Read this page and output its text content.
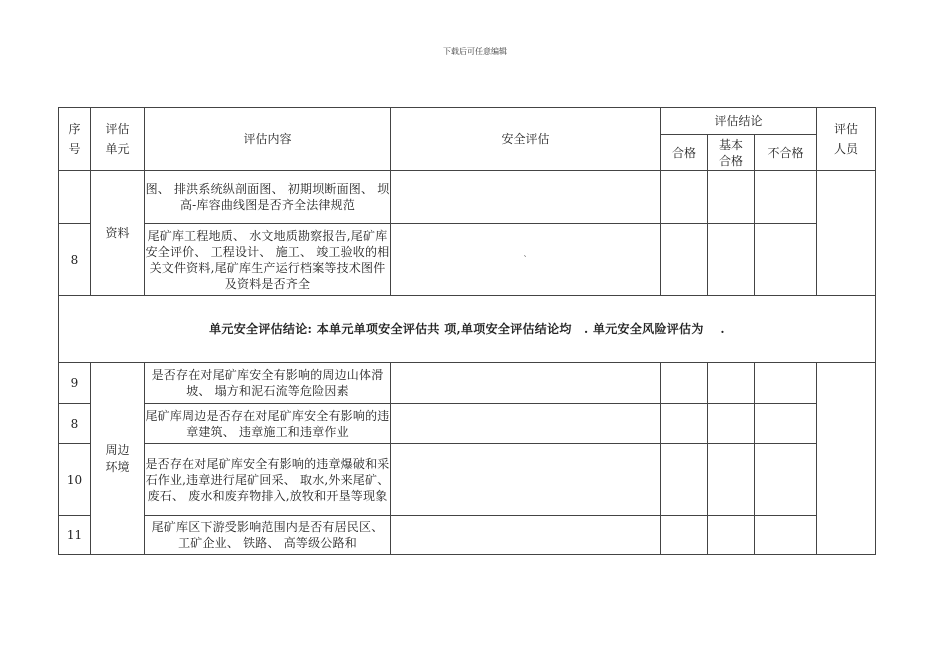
下载后可任意编辑
序号	评估单元	评估内容	安全评估	评估结论			评估人员

				合格	基本合格	不合格	
	资料	图、 排洪系统纵剖面图、 初期坝断面图、 坝高-库容曲线图是否齐全法律规范					
8		尾矿库工程地质、 水文地质勘察报告,尾矿库安全评价、 工程设计、 施工、 竣工验收的相关文件资料,尾矿库生产运行档案等技术图件及资料是否齐全	`				
单元安全评估结论: 本单元单项安全评估共 项,单项安全评估结论均　. 单元安全风险评估为　 .							
9	周边环境	是否存在对尾矿库安全有影响的周边山体滑坡、 塌方和泥石流等危险因素					
8		尾矿库周边是否存在对尾矿库安全有影响的违章建筑、 违章施工和违章作业					
10		是否存在对尾矿库安全有影响的违章爆破和采石作业,违章进行尾矿回采、 取水,外来尾矿、 废石、 废水和废弃物排入,放牧和开垦等现象					
11		尾矿库区下游受影响范围内是否有居民区、 工矿企业、 铁路、 高等级公路和					
